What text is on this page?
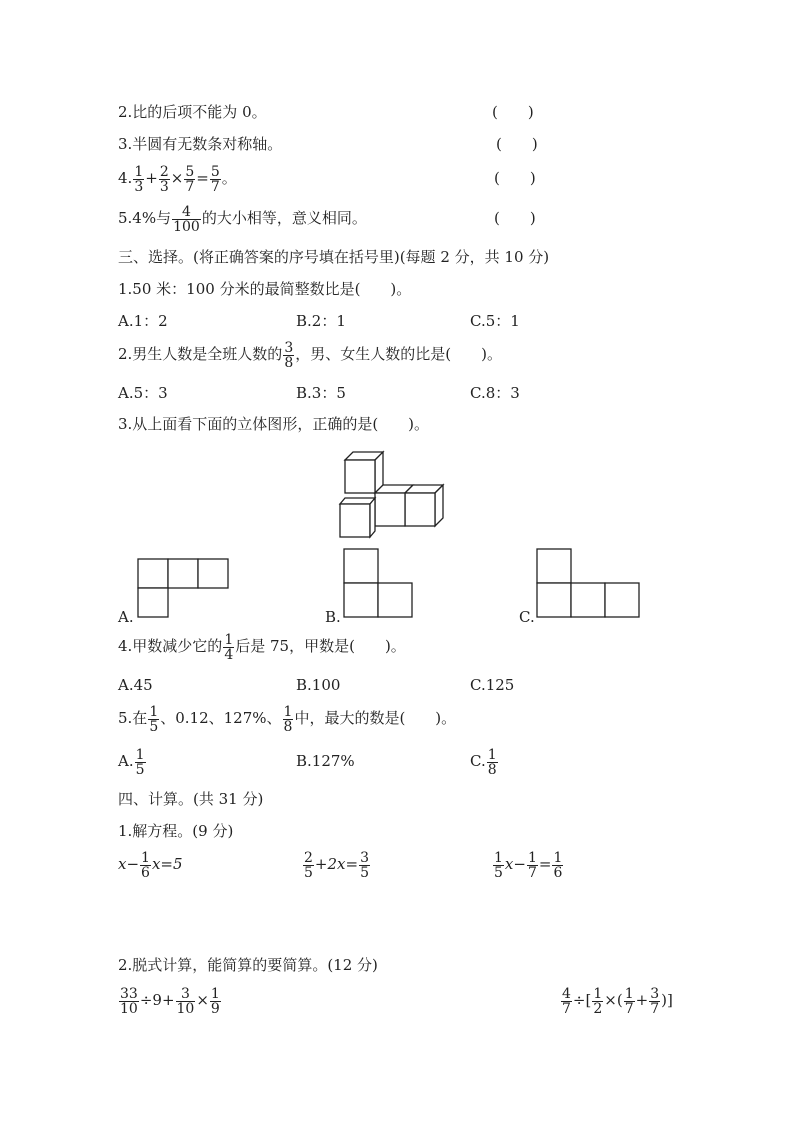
2.比的后项不能为 0。	(　　)
3.半圆有无数条对称轴。	(　　)
4. $\frac{1}{3} + \frac{2}{3} \times \frac{5}{7} = \frac{5}{7}$ 。	(　　)
5.4%与 $\frac{4}{100}$ 的大小相等，意义相同。	(　　)
三、选择。(将正确答案的序号填在括号里)(每题 2 分，共 10 分)
1.50 米：100 分米的最简整数比是(　　)。
A.1：2	B.2：1	C.5：1
2.男生人数是全班人数的 $\frac{3}{8}$ ，男、女生人数的比是(　　)。
A.5：3	B.3：5	C.8：3
3.从上面看下面的立体图形，正确的是(　　)。
A.	B.	C.
4.甲数减少它的 $\frac{1}{4}$ 后是 75，甲数是(　　)。
A.45	B.100	C.125
5.在 $\frac{1}{5}$ 、0.12、127%、 $\frac{1}{8}$ 中，最大的数是(　　)。
A. $\frac{1}{5}$	B.127%	C. $\frac{1}{8}$
四、计算。(共 31 分)
1.解方程。(9 分)
$x- \frac{1}{6} x=5$	$\frac{2}{5} +2x= \frac{3}{5}$	$\frac{1}{5} x- \frac{1}{7} = \frac{1}{6}$
2.脱式计算，能简算的要简算。(12 分)
$\frac{33}{10} \div 9+ \frac{3}{10} \times \frac{1}{9}$	$\frac{4}{7}$ ÷[ $\frac{1}{2}$ ×( $\frac{1}{7} + \frac{3}{7}$ )]
